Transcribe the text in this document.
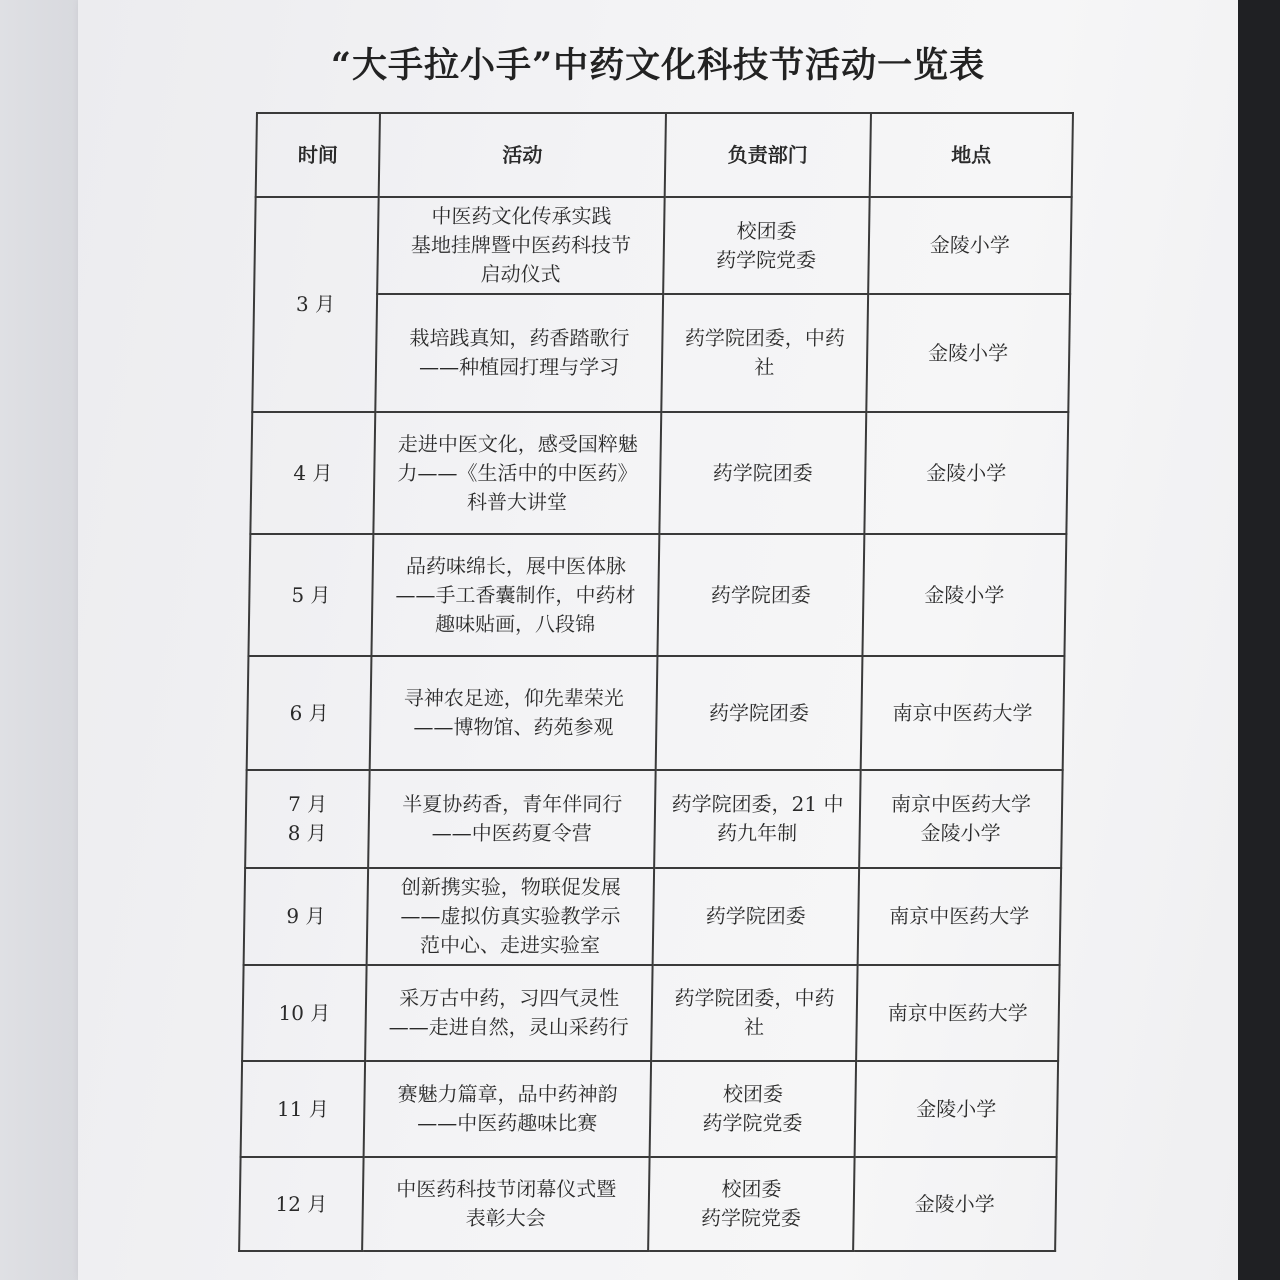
“大手拉小手”中药文化科技节活动一览表
时间	活动	负责部门	地点

3 月	中医药文化传承实践
基地挂牌暨中医药科技节
启动仪式	校团委
药学院党委	金陵小学

	栽培践真知，药香踏歌行
——种植园打理与学习	药学院团委，中药
社	金陵小学

4 月	走进中医文化，感受国粹魅
力——《生活中的中医药》
科普大讲堂	药学院团委	金陵小学

5 月	品药味绵长，展中医体脉
——手工香囊制作，中药材
趣味贴画，八段锦	药学院团委	金陵小学

6 月	寻神农足迹，仰先辈荣光
——博物馆、药苑参观	药学院团委	南京中医药大学

7 月
8 月	半夏协药香，青年伴同行
——中医药夏令营	药学院团委，21 中
药九年制	南京中医药大学
金陵小学

9 月	创新携实验，物联促发展
——虚拟仿真实验教学示
范中心、走进实验室	药学院团委	南京中医药大学

10 月	采万古中药，习四气灵性
——走进自然，灵山采药行	药学院团委，中药
社	南京中医药大学

11 月	赛魅力篇章，品中药神韵
——中医药趣味比赛	校团委
药学院党委	金陵小学

12 月	中医药科技节闭幕仪式暨
表彰大会	校团委
药学院党委	金陵小学
